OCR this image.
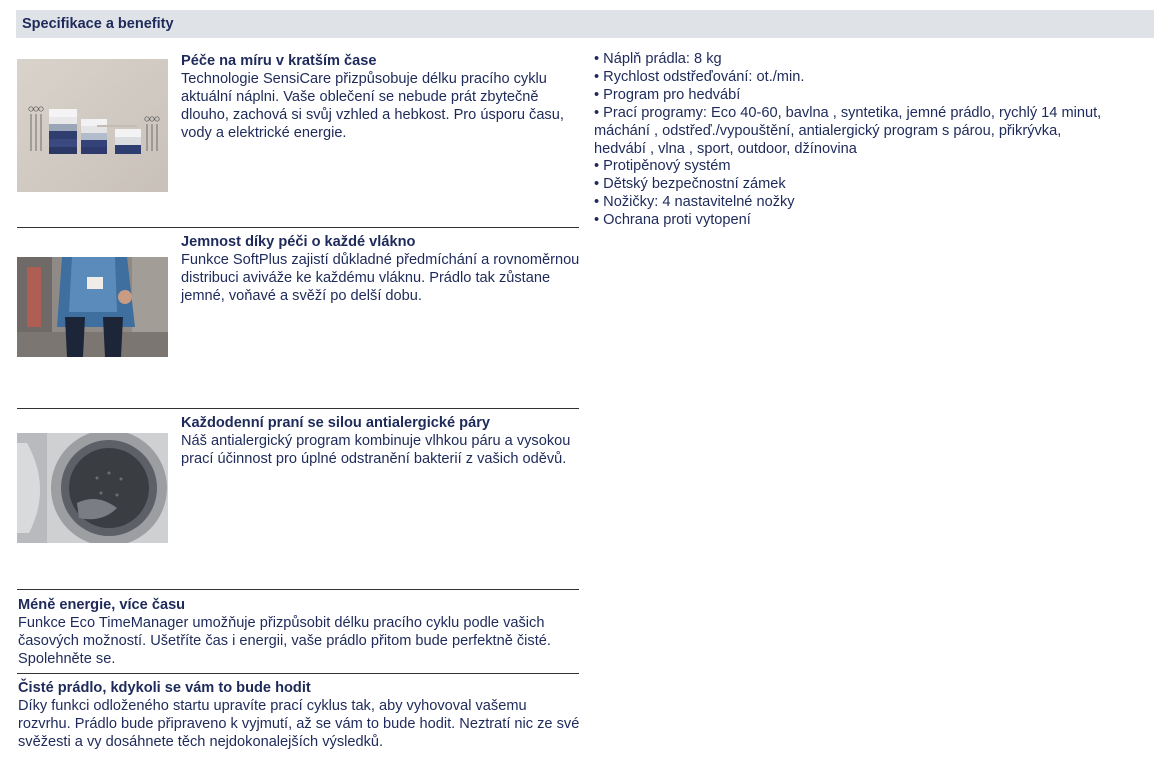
Specifikace a benefity
Péče na míru v kratším čase

Technologie SensiCare přizpůsobuje délku pracího cyklu aktuální náplni. Vaše oblečení se nebude prát zbytečně dlouho, zachová si svůj vzhled a hebkost. Pro úsporu času, vody a elektrické energie.

Jemnost díky péči o každé vlákno

Funkce SoftPlus zajistí důkladné předmíchání a rovnoměrnou distribuci aviváže ke každému vláknu. Prádlo tak zůstane jemné, voňavé a svěží po delší dobu.

Každodenní praní se silou antialergické páry

Náš antialergický program kombinuje vlhkou páru a vysokou prací účinnost pro úplné odstranění bakterií z vašich oděvů.

Méně energie, více času

Funkce Eco TimeManager umožňuje přizpůsobit délku pracího cyklu podle vašich časových možností. Ušetříte čas i energii, vaše prádlo přitom bude perfektně čisté. Spolehněte se.

Čisté prádlo, kdykoli se vám to bude hodit

Díky funkci odloženého startu upravíte prací cyklus tak, aby vyhovoval vašemu rozvrhu. Prádlo bude připraveno k vyjmutí, až se vám to bude hodit. Neztratí nic ze své svěžesti a vy dosáhnete těch nejdokonalejších výsledků.

• Náplň prádla: 8 kg
• Rychlost odstřeďování: ot./min.
• Program pro hedvábí
• Prací programy: Eco 40-60, bavlna , syntetika, jemné prádlo, rychlý 14 minut, máchání , odstřeď./vypouštění, antialergický program s párou, přikrývka, hedvábí , vlna , sport, outdoor, džínovina
• Protipěnový systém
• Dětský bezpečnostní zámek
• Nožičky: 4 nastavitelné nožky
• Ochrana proti vytopení
